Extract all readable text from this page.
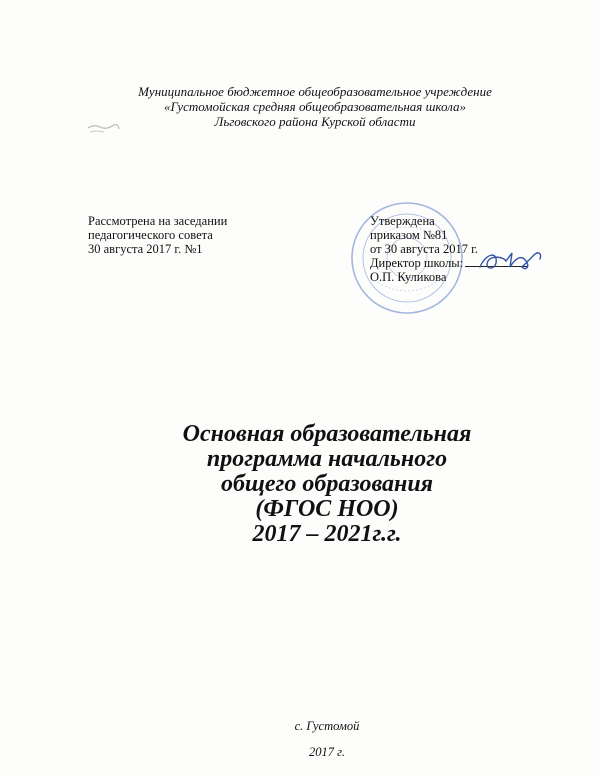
Муниципальное бюджетное общеобразовательное учреждение
«Густомойская средняя общеобразовательная школа»
Льговского района Курской области
Рассмотрена на заседании
педагогического совета
30 августа 2017 г. №1
Утверждена
приказом №81
от 30 августа 2017 г.
Директор школы:
О.П. Куликова
Основная образовательная
программа начального
общего образования
(ФГОС НОО)
2017 – 2021г.г.
с. Густомой
2017 г.
